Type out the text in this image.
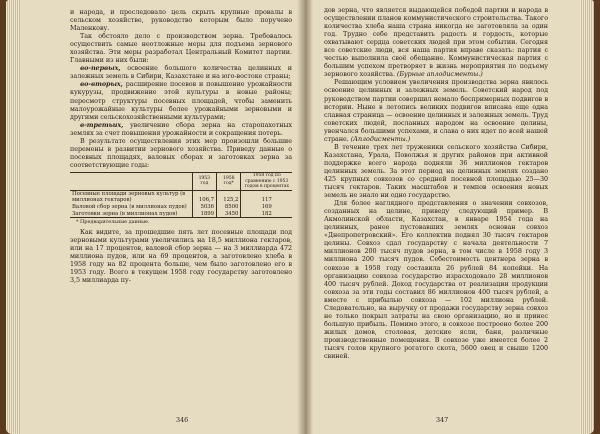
и народа, и преследовало цель скрыть крупные провалы в сельском хозяйстве, руководство которым было поручено Маленкову.

Так обстояло дело с производством зерна. Требовалось осуществить самые неотложные меры для подъема зернового хозяйства. Эти меры разработал Центральный Комитет партии. Главными из них были:

во-первых, освоение большого количества целинных и залежных земель в Сибири, Казахстане и на юго-востоке страны;

во-вторых, расширение посевов и повышение урожайности кукурузы, продвижение этой культуры в новые районы; пересмотр структуры посевных площадей, чтобы заменить малоурожайные культуры более урожайными зерновыми и другими сельскохозяйственными культурами;

в-третьих, увеличение сбора зерна на старопахотных землях за счет повышения урожайности и сокращения потерь.

В результате осуществления этих мер произошли большие перемены в развитии зернового хозяйства. Приведу данные о посевных площадях, валовых сборах и заготовках зерна за соответствующие годы:

	1953 год	1958 год*	1958 год по сравнению с 1953 годом в процентах
Посевные площади зерновых культур (в миллионах гектаров)	106,7	125,2	117
Валовой сбор зерна (в миллионах пудов)	5036	8500	169
Заготовки зерна (в миллионах пудов)	1899	3450	182
* Предварительные данные.

Как видите, за прошедшие пять лет посевные площади под зерновыми культурами увеличились на 18,5 миллиона гектаров, или на 17 процентов, валовой сбор зерна — на 3 миллиарда 472 миллиона пудов, или на 69 процентов, а заготовлено хлеба в 1958 году на 82 процента больше, чем было заготовлено его в 1953 году. Всего в текущем 1958 году государству заготовлено 3,5 миллиарда пу-

346

дов зерна, что является выдающейся победой партии и народа в осуществлении планов коммунистического строительства. Такого количества хлеба наша страна никогда не заготовляла за один год. Трудно себе представить радость и гордость, которые охватывают сердца советских людей при этом событии. Сегодня все советские люди, вся наша партия вправе сказать: партия с честью выполнила своё обещание. Коммунистическая партия с большим успехом претворяет в жизнь мероприятия по подъему зернового хозяйства. (Бурные аплодисменты.)

Решающим условием увеличения производства зерна явилось освоение целинных и залежных земель. Советский народ под руководством партии совершил немало беспримерных подвигов в истории. Ныне в летопись великих подвигов вписана еще одна славная страница — освоение целинных и залежных земель. Труд советских людей, посланных народом на освоение целины, увенчался большими успехами, и слава о них идет по всей нашей стране. (Аплодисменты.)

В течение трех лет труженики сельского хозяйства Сибири, Казахстана, Урала, Поволжья и других районов при активной поддержке всего народа подняли 36 миллионов гектаров целинных земель. За этот период на целинных землях создано 425 крупных совхозов со средней посевной площадью 25—30 тысяч гектаров. Таких масштабов и темпов освоения новых земель не знало ни одно государство.

Для более наглядного представления о значении совхозов, созданных на целине, приведу следующий пример. В Акмолинской области, Казахстан, в январе 1954 года на целинных, ранее пустовавших землях основан совхоз «Днепропетровский». Его коллектив поднял 30 тысяч гектаров целины. Совхоз сдал государству с начала деятельности 7 миллионов 200 тысяч пудов зерна, в том числе в 1958 году 3 миллиона 200 тысяч пудов. Себестоимость центнера зерна в совхозе в 1958 году составила 26 рублей 84 копейки. На организацию совхоза государство израсходовало 28 миллионов 400 тысяч рублей. Доход государства от реализации продукции совхоза за эти годы составил 86 миллионов 400 тысяч рублей, а вместе с прибылью совхоза — 102 миллиона рублей. Следовательно, на выручку от продажи государству зерна совхоз не только покрыл затраты на свою организацию, но и принес большую прибыль. Помимо этого, в совхозе построено более 200 жилых домов, столовая, детские ясли, баня, различные производственные помещения. В совхозе уже имеется более 2 тысяч голов крупного рогатого скота, 5600 овец и свыше 1200 свиней.

347
